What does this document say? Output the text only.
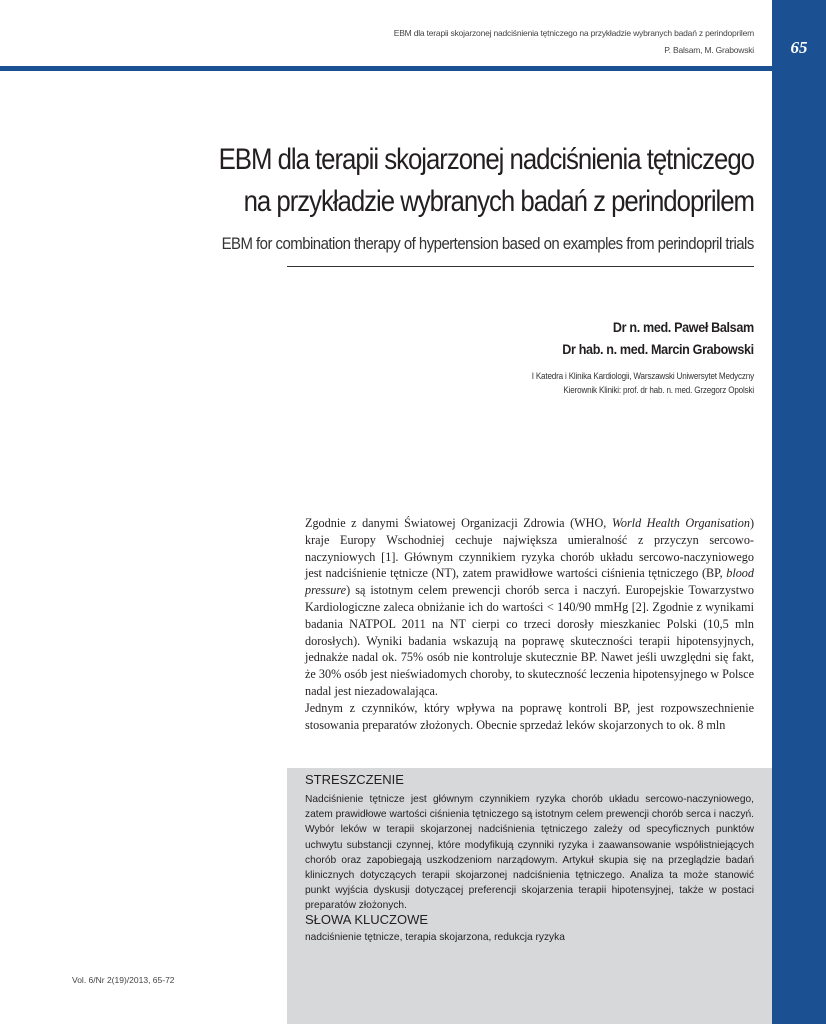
65
EBM dla terapii skojarzonej nadciśnienia tętniczego na przykładzie wybranych badań z perindoprilem
P. Balsam, M. Grabowski
EBM dla terapii skojarzonej nadciśnienia tętniczego
na przykładzie wybranych badań z perindoprilem
EBM for combination therapy of hypertension based on examples from perindopril trials
Dr n. med. Paweł Balsam
Dr hab. n. med. Marcin Grabowski
I Katedra i Klinika Kardiologii, Warszawski Uniwersytet Medyczny
Kierownik Kliniki: prof. dr hab. n. med. Grzegorz Opolski

Zgodnie z danymi Światowej Organizacji Zdrowia (WHO, World Health Organisation) kraje Europy Wschodniej cechuje największa umieralność z przyczyn sercowo-naczyniowych [1]. Głównym czynnikiem ryzyka chorób układu sercowo-naczyniowego jest nadciśnienie tętnicze (NT), zatem prawidłowe wartości ciśnienia tętniczego (BP, blood pressure) są istotnym celem prewencji chorób serca i naczyń. Europejskie Towarzystwo Kardiologiczne zaleca obniżanie ich do wartości < 140/90 mmHg [2]. Zgodnie z wynikami badania NATPOL 2011 na NT cierpi co trzeci dorosły mieszkaniec Polski (10,5 mln dorosłych). Wyniki badania wskazują na poprawę skuteczności terapii hipotensyjnych, jednakże nadal ok. 75% osób nie kontroluje skutecznie BP. Nawet jeśli uwzględni się fakt, że 30% osób jest nieświadomych choroby, to skuteczność leczenia hipotensyjnego w Polsce nadal jest niezadowalająca.

Jednym z czynników, który wpływa na poprawę kontroli BP, jest rozpowszechnienie stosowania preparatów złożonych. Obecnie sprzedaż leków skojarzonych to ok. 8 mln

STRESZCZENIE
Nadciśnienie tętnicze jest głównym czynnikiem ryzyka chorób układu sercowo-naczyniowego, zatem prawidłowe wartości ciśnienia tętniczego są istotnym celem prewencji chorób serca i naczyń. Wybór leków w terapii skojarzonej nadciśnienia tętniczego zależy od specyficznych punktów uchwytu substancji czynnej, które modyfikują czynniki ryzyka i zaawansowanie współistniejących chorób oraz zapobiegają uszkodzeniom narządowym. Artykuł skupia się na przeglądzie badań klinicznych dotyczących terapii skojarzonej nadciśnienia tętniczego. Analiza ta może stanowić punkt wyjścia dyskusji dotyczącej preferencji skojarzenia terapii hipotensyjnej, także w postaci preparatów złożonych.
SŁOWA KLUCZOWE
nadciśnienie tętnicze, terapia skojarzona, redukcja ryzyka
Vol. 6/Nr 2(19)/2013, 65-72
